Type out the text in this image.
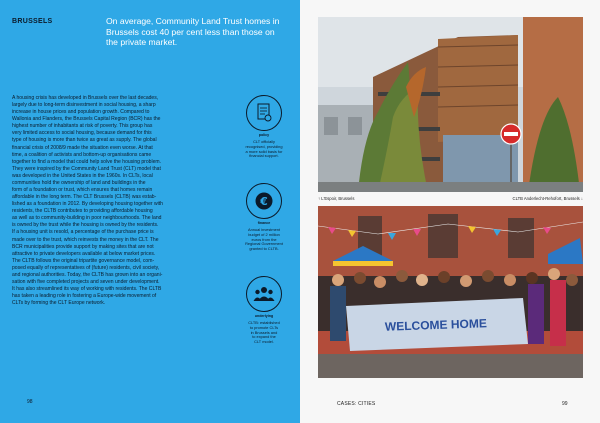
BRUSSELS	On average, Community Land Trust homes in Brussels cost 40 per cent less than those on the private market.
A housing crisis has developed in Brussels over the last decades,
largely due to long-term disinvestment in social housing, a sharp
increase in house prices and population growth. Compared to
Wallonia and Flanders, the Brussels Capital Region (BCR) has the
highest number of inhabitants at risk of poverty. This group has
very limited access to social housing, because demand for this
type of housing is more than twice as great as supply. The global
financial crisis of 2008/9 made the situation even worse. At that
time, a coalition of activists and bottom-up organisations came
together to find a model that could help solve the housing problem.
They were inspired by the Community Land Trust (CLT) model that
was developed in the United States in the 1960s. In CLTs, local
communities hold the ownership of land and buildings in the
form of a foundation or trust, which ensures that homes remain
affordable in the long term. The CLT Brussels (CLTB) was estab-
lished as a foundation in 2012. By developing housing together with
residents, the CLTB contributes to providing affordable housing
as well as to community-building in poor neighbourhoods. The land
is owned by the trust while the housing is owned by the residents.
If a housing unit is resold, a percentage of the purchase price is
made over to the trust, which reinvests the money in the CLT. The
BCR municipalities provide support by making sites that are not
attractive to private developers available at below market prices.
The CLTB follows the original tripartite governance model, com-
posed equally of representatives of (future) residents, civil society,
and regional authorities. Today, the CLTB has grown into an organi-
sation with five completed projects and seven under development.
It has also streamlined its way of working with residents. The CLTB
has taken a leading role in fostering a Europe-wide movement of
CLTs by forming the CLT Europe network.
policy
CLT officially
recognised, providing
a more solid basis for
financial support.
€
finance
Annual investment
budget of 2 million
euros from the
Regional Government
granted to CLTB.
underlying
CLTB: established
to promote CLTs
in Brussels and
to expand the
CLT model.
98
↑ L'Espoir, Brussels	CLTB Anderlecht-Rehofort, Brussels ↓
WELCOME HOME
CASES: CITIES	99
